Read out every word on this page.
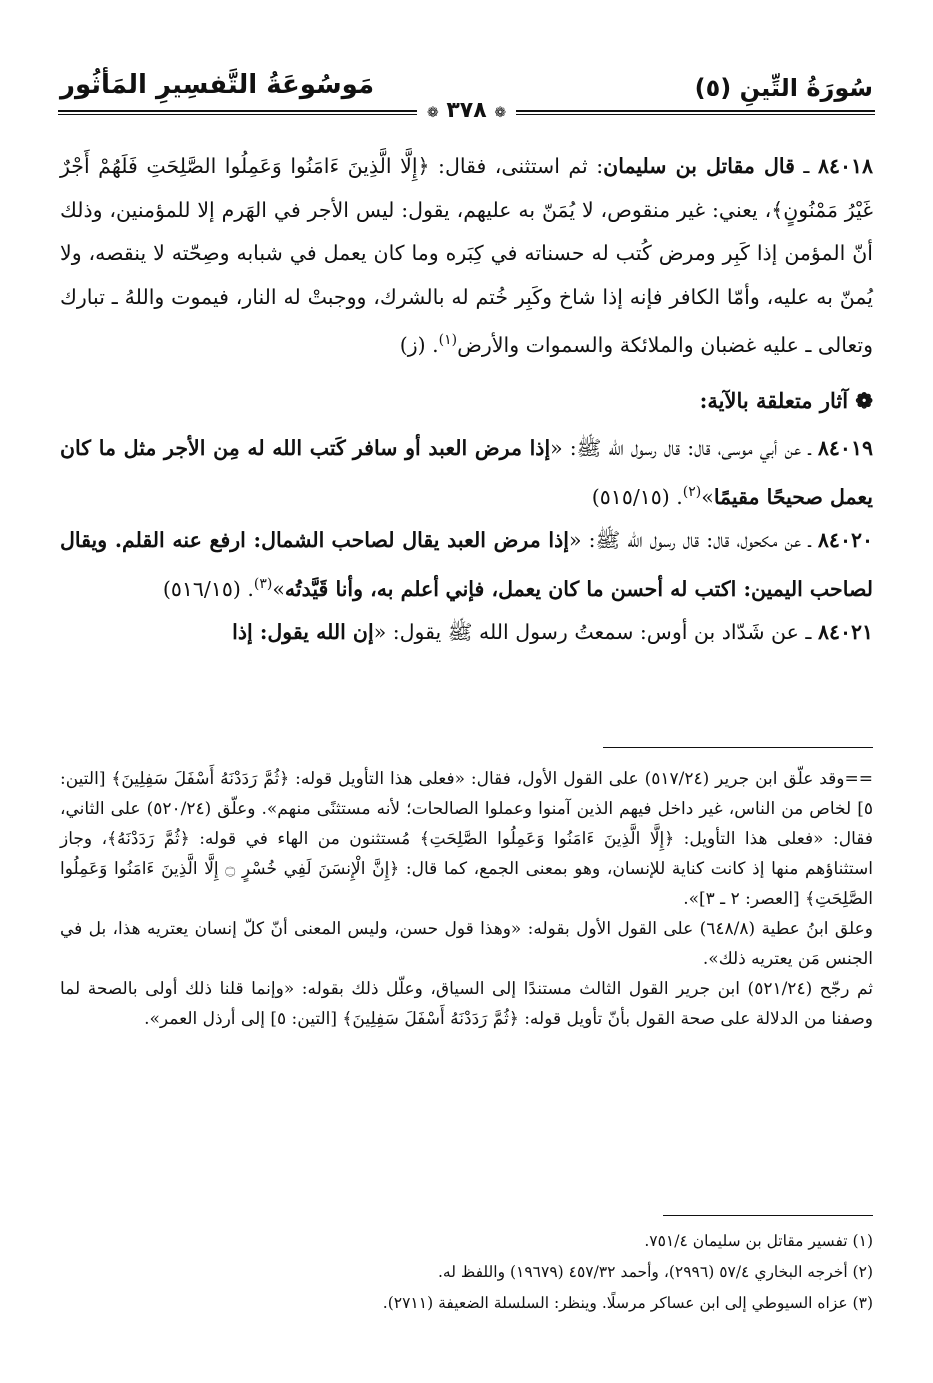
سُورَةُ التِّينِ (٥)
مَوسُوعَةُ التَّفسِيرِ المَأثُور
❁ ٣٧٨ ❁

٨٤٠١٨ ـ قال مقاتل بن سليمان: ثم استثنى، فقال: ﴿إِلَّا الَّذِينَ ءَامَنُوا وَعَمِلُوا الصَّلِحَتِ فَلَهُمْ أَجْرٌ غَيْرُ مَمْنُونٍ﴾، يعني: غير منقوص، لا يُمَنّ به عليهم، يقول: ليس الأجر في الهَرم إلا للمؤمنين، وذلك أنّ المؤمن إذا كَبِر ومرض كُتب له حسناته في كِبَره وما كان يعمل في شبابه وصِحّته لا ينقصه، ولا يُمنّ به عليه، وأمّا الكافر فإنه إذا شاخ وكَبِر خُتم له بالشرك، ووجبتْ له النار، فيموت واللهُ ـ تبارك وتعالى ـ عليه غضبان والملائكة والسموات والأرض$^{(١)}$. (ز)

❁ آثار متعلقة بالآية:

٨٤٠١٩ ـ عن أبي موسى، قال: قال رسول الله ﷺ: «إذا مرض العبد أو سافر كَتب الله له مِن الأجر مثل ما كان يعمل صحيحًا مقيمًا»$^{(٢)}$. (٥١٥/١٥)

٨٤٠٢٠ ـ عن مكحول، قال: قال رسول الله ﷺ: «إذا مرض العبد يقال لصاحب الشمال: ارفع عنه القلم. ويقال لصاحب اليمين: اكتب له أحسن ما كان يعمل، فإني أعلم به، وأنا قَيَّدتُه»$^{(٣)}$. (٥١٦/١٥)

٨٤٠٢١ ـ عن شَدّاد بن أوس: سمعتُ رسول الله ﷺ يقول: «إن الله يقول: إذا

==وقد علّق ابن جرير (٥١٧/٢٤) على القول الأول، فقال: «فعلى هذا التأويل قوله: ﴿ثُمَّ رَدَدْنَهُ أَسْفَلَ سَفِلِينَ﴾ [التين: ٥] لخاص من الناس، غير داخل فيهم الذين آمنوا وعملوا الصالحات؛ لأنه مستثنًى منهم». وعلّق (٥٢٠/٢٤) على الثاني، فقال: «فعلى هذا التأويل: ﴿إِلَّا الَّذِينَ ءَامَنُوا وَعَمِلُوا الصَّلِحَتِ﴾ مُستثنون من الهاء في قوله: ﴿ثُمَّ رَدَدْنَهُ﴾، وجاز استثناؤهم منها إذ كانت كناية للإنسان، وهو بمعنى الجمع، كما قال: ﴿إِنَّ الْإِنسَنَ لَفِي خُسْرٍ ۝ إِلَّا الَّذِينَ ءَامَنُوا وَعَمِلُوا الصَّلِحَتِ﴾ [العصر: ٢ ـ ٣]».

وعلق ابنُ عطية (٦٤٨/٨) على القول الأول بقوله: «وهذا قول حسن، وليس المعنى أنّ كلّ إنسان يعتريه هذا، بل في الجنس مَن يعتريه ذلك».

ثم رجّح (٥٢١/٢٤) ابن جرير القول الثالث مستندًا إلى السياق، وعلّل ذلك بقوله: «وإنما قلنا ذلك أولى بالصحة لما وصفنا من الدلالة على صحة القول بأنّ تأويل قوله: ﴿ثُمَّ رَدَدْنَهُ أَسْفَلَ سَفِلِينَ﴾ [التين: ٥] إلى أرذل العمر».

(١) تفسير مقاتل بن سليمان ٧٥١/٤.

(٢) أخرجه البخاري ٥٧/٤ (٢٩٩٦)، وأحمد ٤٥٧/٣٢ (١٩٦٧٩) واللفظ له.

(٣) عزاه السيوطي إلى ابن عساكر مرسلًا. وينظر: السلسلة الضعيفة (٢٧١١).
